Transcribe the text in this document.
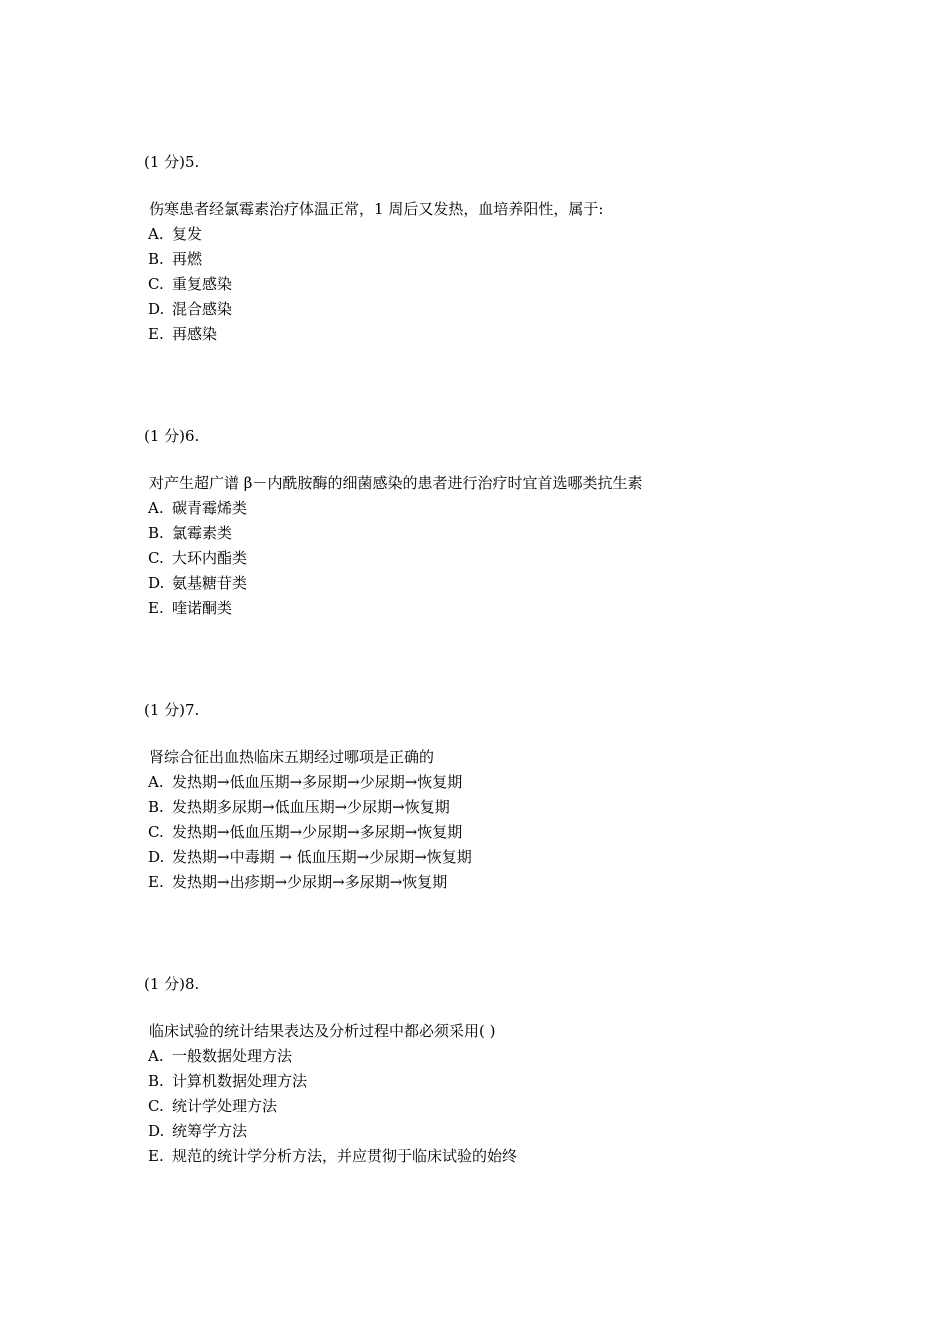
(1 分)5.
伤寒患者经氯霉素治疗体温正常，1 周后又发热，血培养阳性，属于:
A. 复发
B. 再燃
C. 重复感染
D. 混合感染
E. 再感染
(1 分)6.
对产生超广谱 β－内酰胺酶的细菌感染的患者进行治疗时宜首选哪类抗生素
A. 碳青霉烯类
B. 氯霉素类
C. 大环内酯类
D. 氨基糖苷类
E. 喹诺酮类
(1 分)7.
肾综合征出血热临床五期经过哪项是正确的
A. 发热期→低血压期→多尿期→少尿期→恢复期
B. 发热期多尿期→低血压期→少尿期→恢复期
C. 发热期→低血压期→少尿期→多尿期→恢复期
D. 发热期→中毒期 → 低血压期→少尿期→恢复期
E. 发热期→出疹期→少尿期→多尿期→恢复期
(1 分)8.
临床试验的统计结果表达及分析过程中都必须采用( )
A. 一般数据处理方法
B. 计算机数据处理方法
C. 统计学处理方法
D. 统筹学方法
E. 规范的统计学分析方法，并应贯彻于临床试验的始终
